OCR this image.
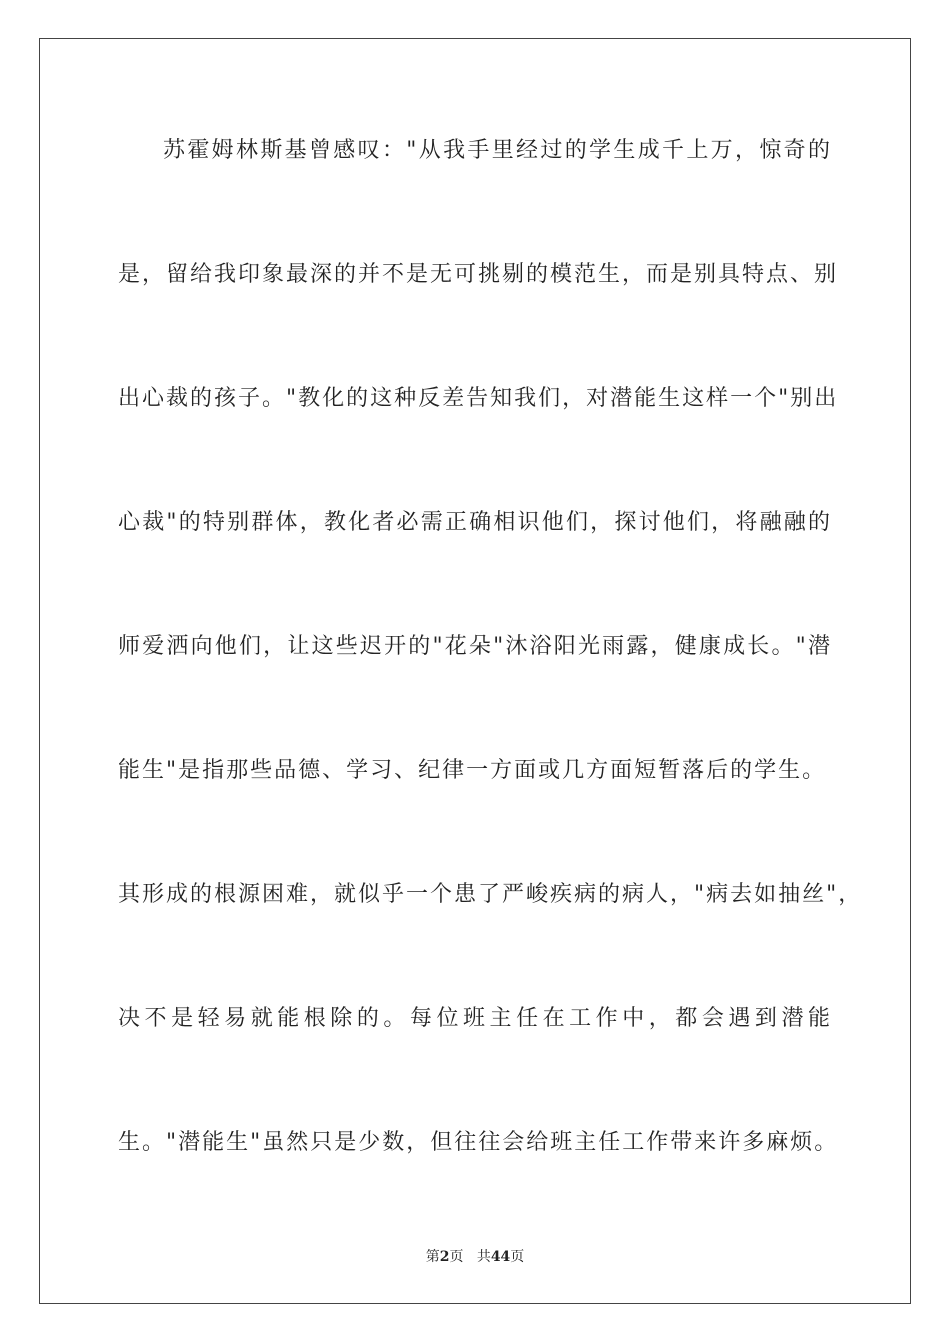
苏霍姆林斯基曾感叹："从我手里经过的学生成千上万，惊奇的
是，留给我印象最深的并不是无可挑剔的模范生，而是别具特点、别
出心裁的孩子。"教化的这种反差告知我们，对潜能生这样一个"别出
心裁"的特别群体，教化者必需正确相识他们，探讨他们，将融融的
师爱洒向他们，让这些迟开的"花朵"沐浴阳光雨露，健康成长。"潜
能生"是指那些品德、学习、纪律一方面或几方面短暂落后的学生。
其形成的根源困难，就似乎一个患了严峻疾病的病人，"病去如抽丝"，
决不是轻易就能根除的。每位班主任在工作中，都会遇到潜能
生。"潜能生"虽然只是少数，但往往会给班主任工作带来许多麻烦。
第2页 共44页
